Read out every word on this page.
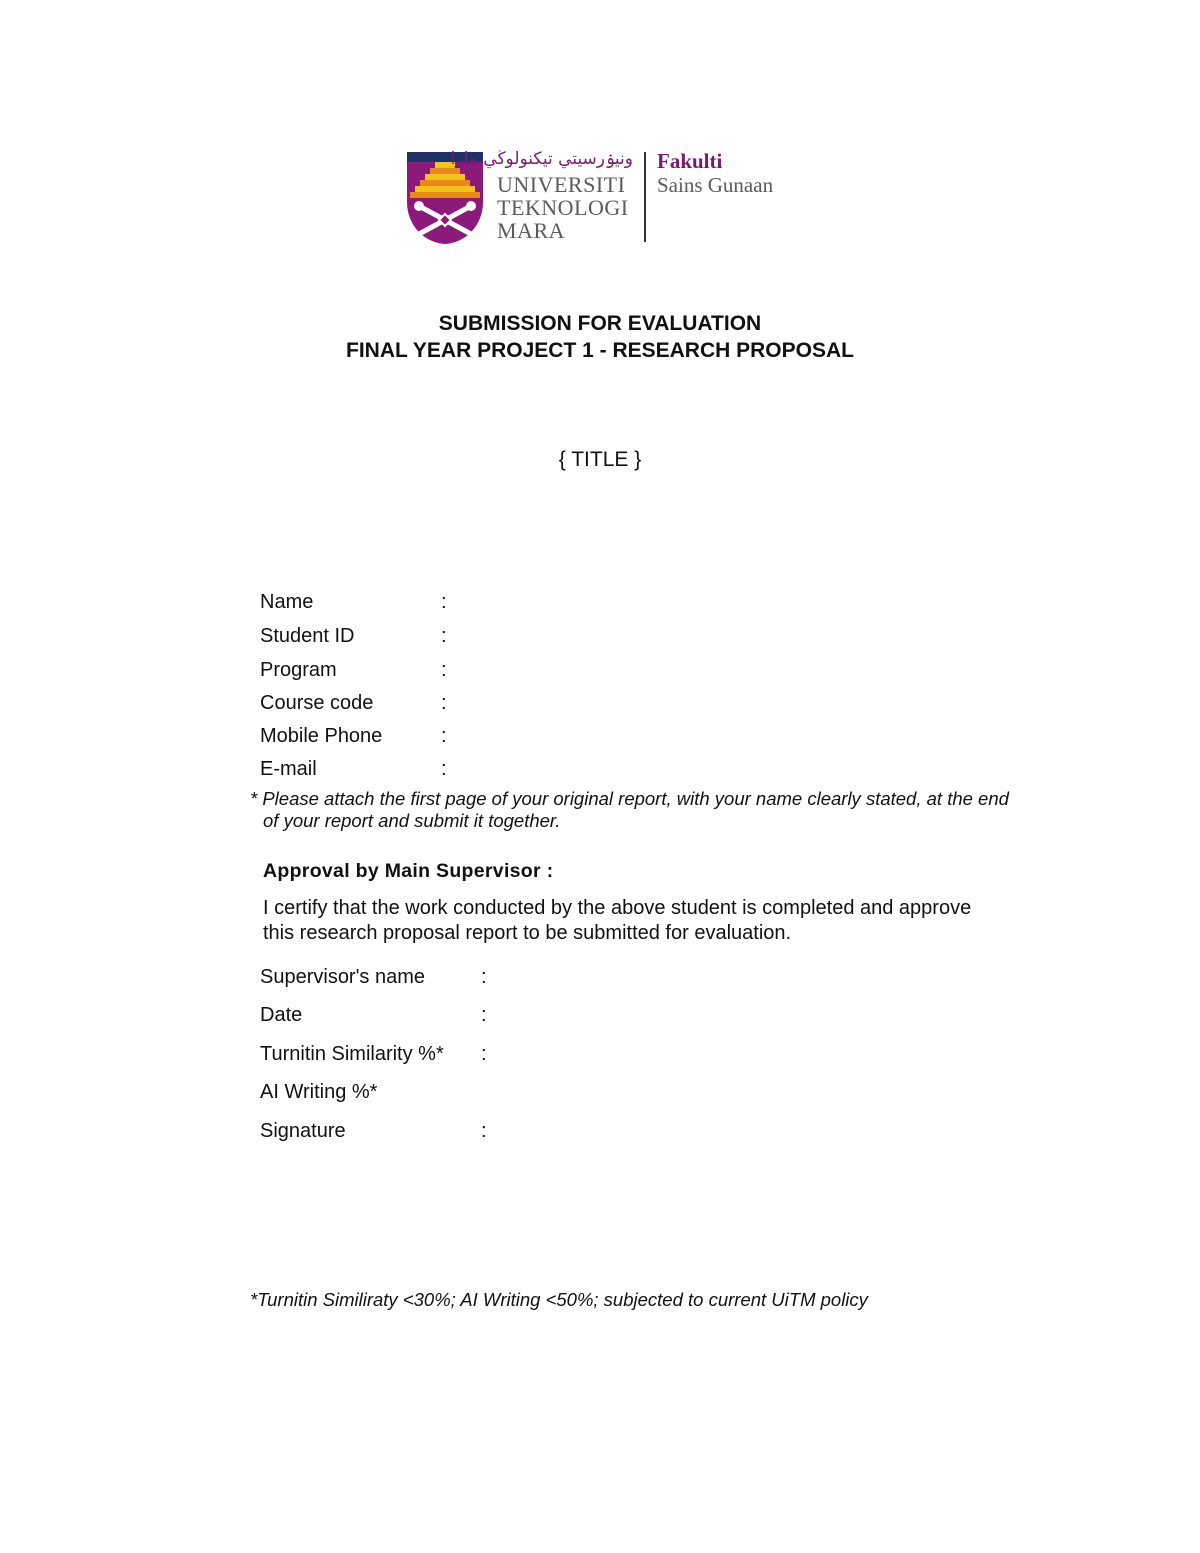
ونيۏرسيتي تيكنولوڬي مارا
UNIVERSITI
TEKNOLOGI
MARA
Fakulti
Sains Gunaan
SUBMISSION FOR EVALUATION
FINAL YEAR PROJECT 1 - RESEARCH PROPOSAL
{ TITLE }
Name	:
Student ID	:
Program	:
Course code	:
Mobile Phone	:
E-mail	:
* Please attach the first page of your original report, with your name clearly stated, at the end
of your report and submit it together.
Approval by Main Supervisor :
I certify that the work conducted by the above student is completed and approve
this research proposal report to be submitted for evaluation.
Supervisor's name	:
Date	:
Turnitin Similarity %* :
AI Writing %*
Signature	:
*Turnitin Similiraty <30%; AI Writing <50%; subjected to current UiTM policy
